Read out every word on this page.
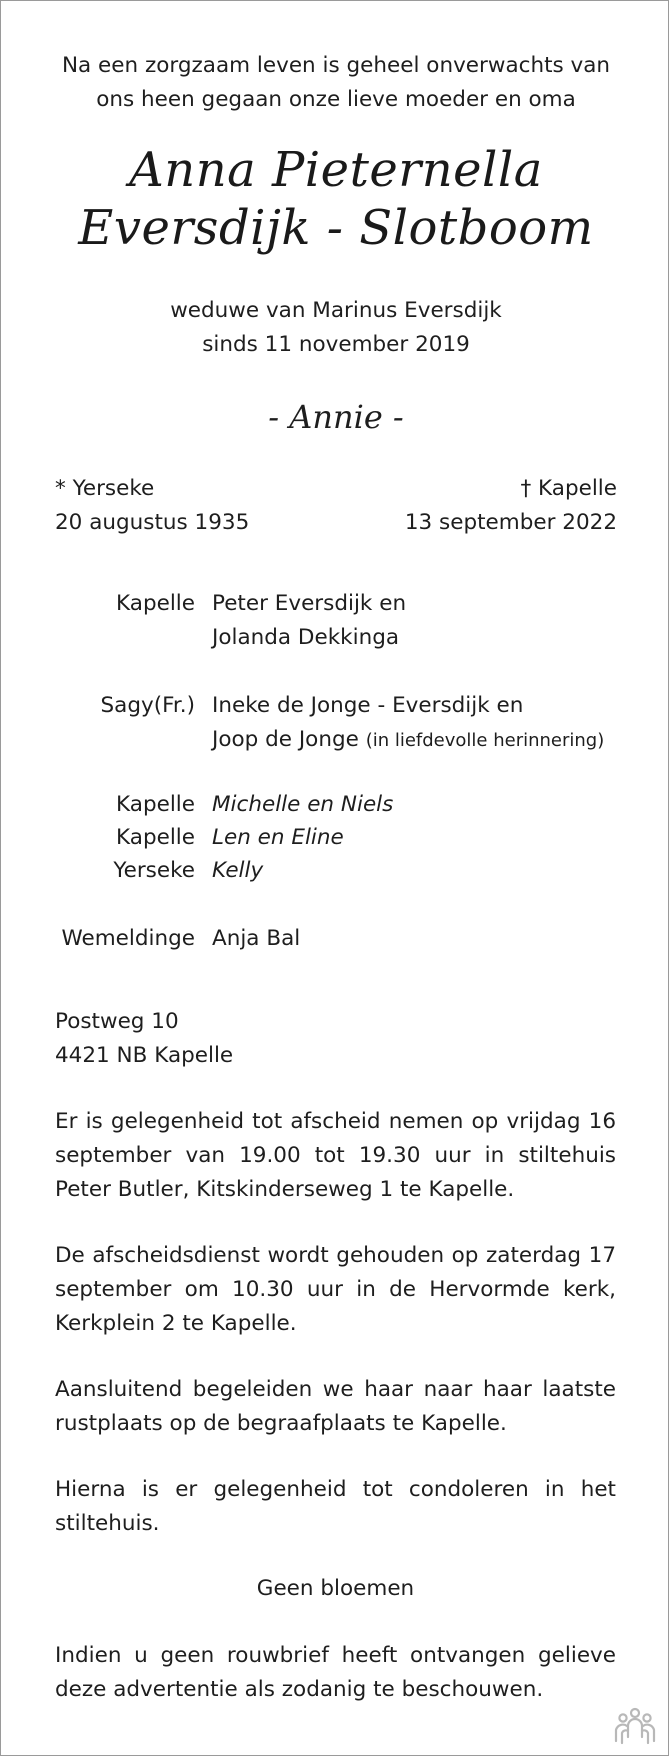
Na een zorgzaam leven is geheel onverwachts van
ons heen gegaan onze lieve moeder en oma
Anna Pieternella
Eversdijk - Slotboom
weduwe van Marinus Eversdijk
sinds 11 november 2019
- Annie -
* Yerseke	† Kapelle
20 augustus 1935	13 september 2022
Kapelle Peter Eversdijk en
Jolanda Dekkinga
Sagy(Fr.) Ineke de Jonge - Eversdijk en
Joop de Jonge (in liefdevolle herinnering)
Kapelle Michelle en Niels
Kapelle Len en Eline
Yerseke Kelly
Wemeldinge Anja Bal
Postweg 10
4421 NB Kapelle
Er is gelegenheid tot afscheid nemen op vrijdag 16 september van 19.00 tot 19.30 uur in stiltehuis Peter Butler, Kitskinderseweg 1 te Kapelle.
De afscheidsdienst wordt gehouden op zaterdag 17 september om 10.30 uur in de Hervormde kerk, Kerkplein 2 te Kapelle.
Aansluitend begeleiden we haar naar haar laatste rustplaats op de begraafplaats te Kapelle.
Hierna is er gelegenheid tot condoleren in het stiltehuis.
Geen bloemen
Indien u geen rouwbrief heeft ontvangen gelieve deze advertentie als zodanig te beschouwen.
